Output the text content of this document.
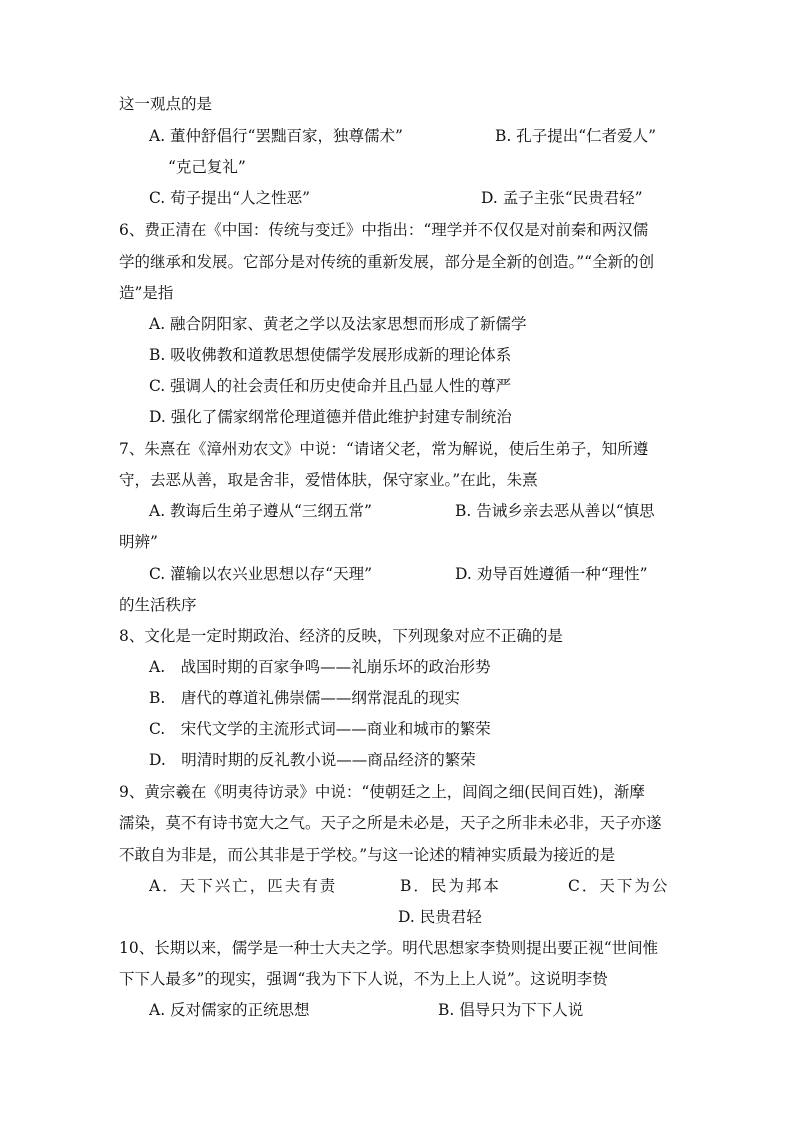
这一观点的是
A. 董仲舒倡行“罢黜百家，独尊儒术”	B. 孔子提出“仁者爱人”
“克己复礼”
C. 荀子提出“人之性恶”	D. 孟子主张“民贵君轻”
6、费正清在《中国：传统与变迁》中指出：“理学并不仅仅是对前秦和两汉儒
学的继承和发展。它部分是对传统的重新发展，部分是全新的创造。”“全新的创
造”是指
A. 融合阴阳家、黄老之学以及法家思想而形成了新儒学
B. 吸收佛教和道教思想使儒学发展形成新的理论体系
C. 强调人的社会责任和历史使命并且凸显人性的尊严
D. 强化了儒家纲常伦理道德并借此维护封建专制统治
7、朱熹在《漳州劝农文》中说：“请诸父老，常为解说，使后生弟子，知所遵
守，去恶从善，取是舍非，爱惜体肤，保守家业。”在此，朱熹
A. 教诲后生弟子遵从“三纲五常”	B. 告诫乡亲去恶从善以“慎思
明辨”
C. 灌输以农兴业思想以存“天理”	D. 劝导百姓遵循一种“理性”
的生活秩序
8、文化是一定时期政治、经济的反映，下列现象对应不正确的是
A.　战国时期的百家争鸣——礼崩乐坏的政治形势
B.　唐代的尊道礼佛崇儒——纲常混乱的现实
C.　宋代文学的主流形式词——商业和城市的繁荣
D.　明清时期的反礼教小说——商品经济的繁荣
9、黄宗羲在《明夷待访录》中说：“使朝廷之上，闾阎之细(民间百姓)，渐摩
濡染，莫不有诗书宽大之气。天子之所是未必是，天子之所非未必非，天子亦遂
不敢自为非是，而公其非是于学校。”与这一论述的精神实质最为接近的是
A．天下兴亡，匹夫有责	B．民为邦本	C．天下为公
D. 民贵君轻
10、长期以来，儒学是一种士大夫之学。明代思想家李贽则提出要正视“世间惟
下下人最多”的现实，强调“我为下下人说，不为上上人说”。这说明李贽
A. 反对儒家的正统思想	B. 倡导只为下下人说
